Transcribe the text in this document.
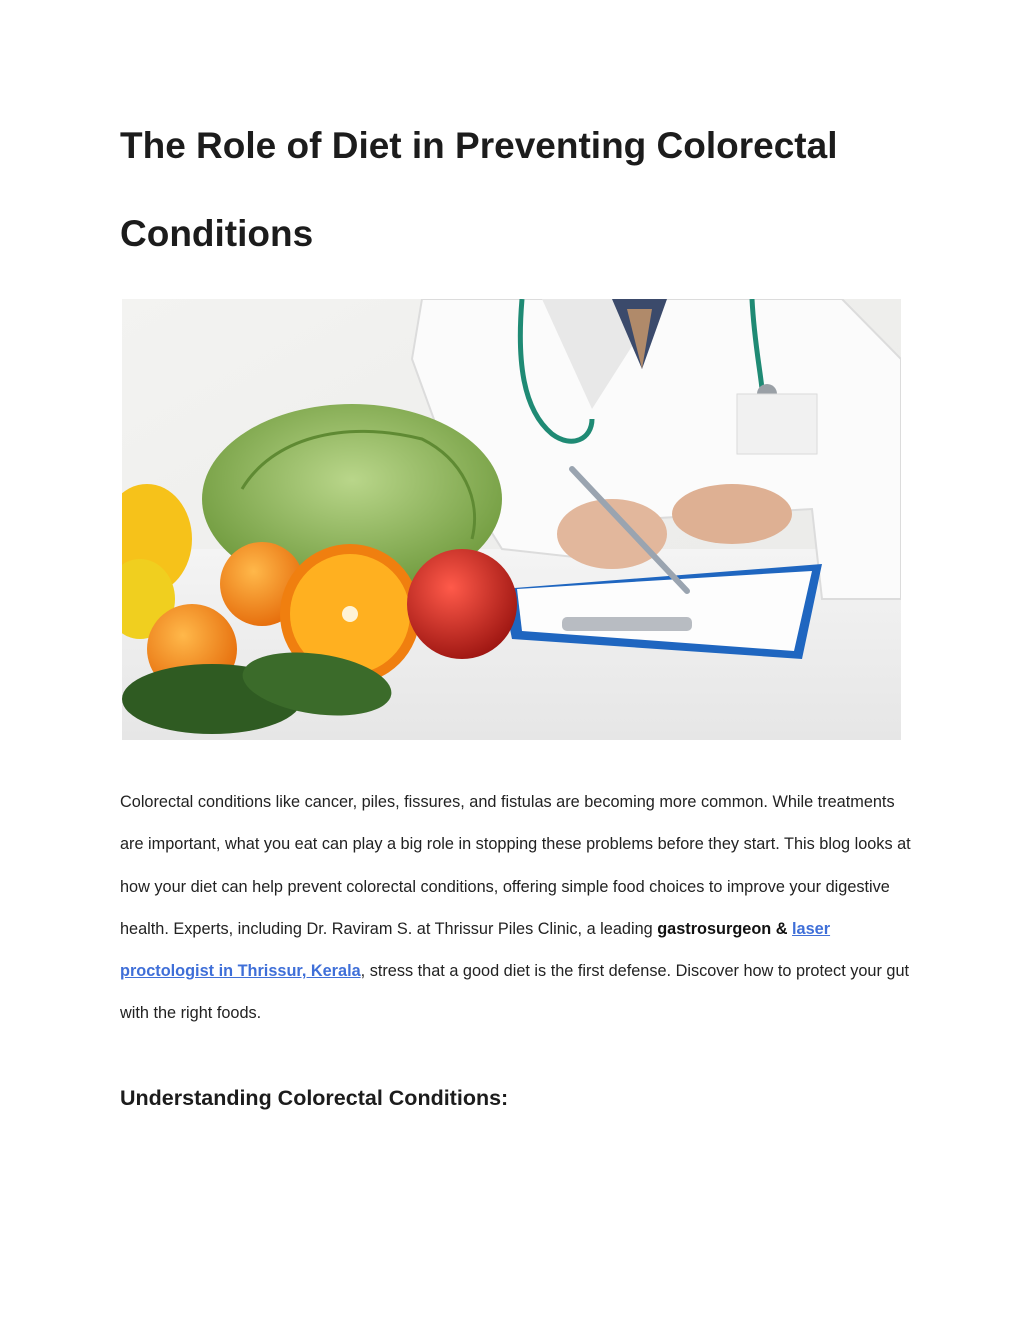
The Role of Diet in Preventing Colorectal Conditions

Colorectal conditions like cancer, piles, fissures, and fistulas are becoming more common. While treatments are important, what you eat can play a big role in stopping these problems before they start. This blog looks at how your diet can help prevent colorectal conditions, offering simple food choices to improve your digestive health. Experts, including Dr. Raviram S. at Thrissur Piles Clinic, a leading gastrosurgeon & laser proctologist in Thrissur, Kerala, stress that a good diet is the first defense. Discover how to protect your gut with the right foods.

Understanding Colorectal Conditions:
